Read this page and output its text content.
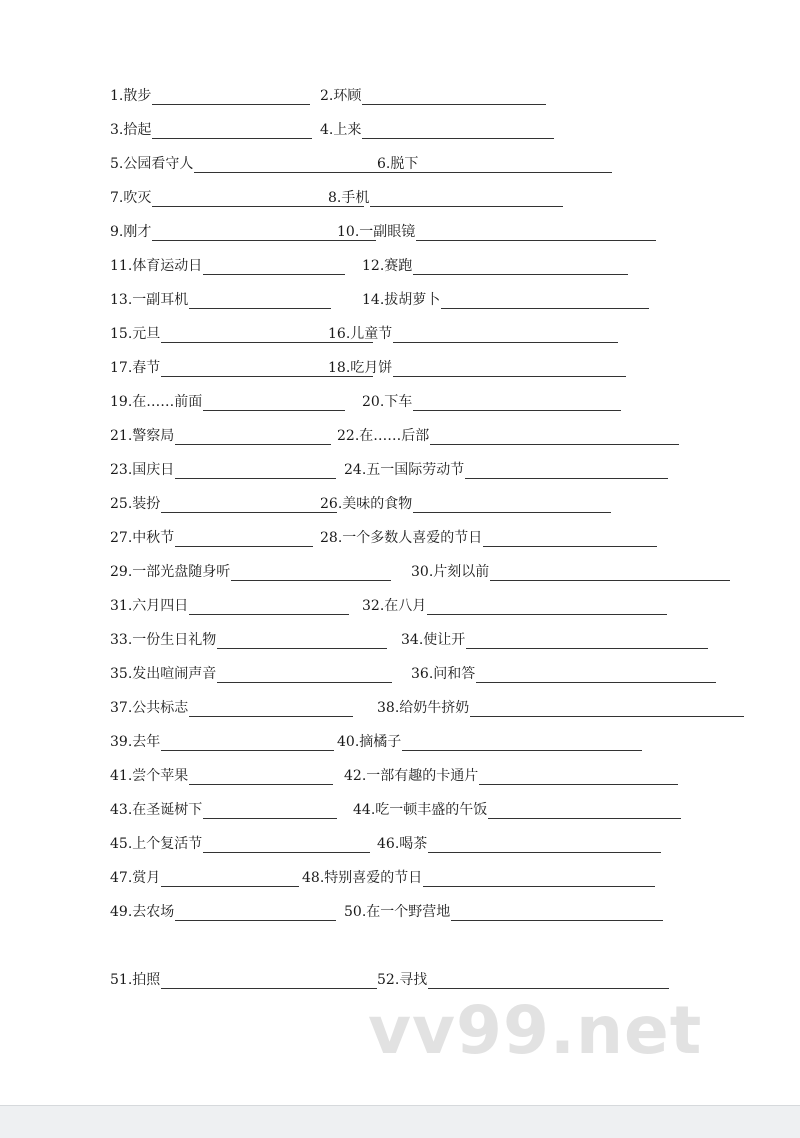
1.散步	2.环顾
3.拾起	4.上来
5.公园看守人	6.脱下
7.吹灭	8.手机
9.刚才	10.一副眼镜
11.体育运动日	12.赛跑
13.一副耳机	14.拔胡萝卜
15.元旦	16.儿童节
17.春节	18.吃月饼
19.在……前面	20.下车
21.警察局	22.在……后部
23.国庆日	24.五一国际劳动节
25.装扮	26.美味的食物
27.中秋节	28.一个多数人喜爱的节日
29.一部光盘随身听	30.片刻以前
31.六月四日	32.在八月
33.一份生日礼物	34.使让开
35.发出喧闹声音	36.问和答
37.公共标志	38.给奶牛挤奶
39.去年	40.摘橘子
41.尝个苹果	42.一部有趣的卡通片
43.在圣诞树下	44.吃一顿丰盛的午饭
45.上个复活节	46.喝茶
47.赏月	48.特别喜爱的节日
49.去农场	50.在一个野营地
51.拍照	52.寻找
vv99.net
